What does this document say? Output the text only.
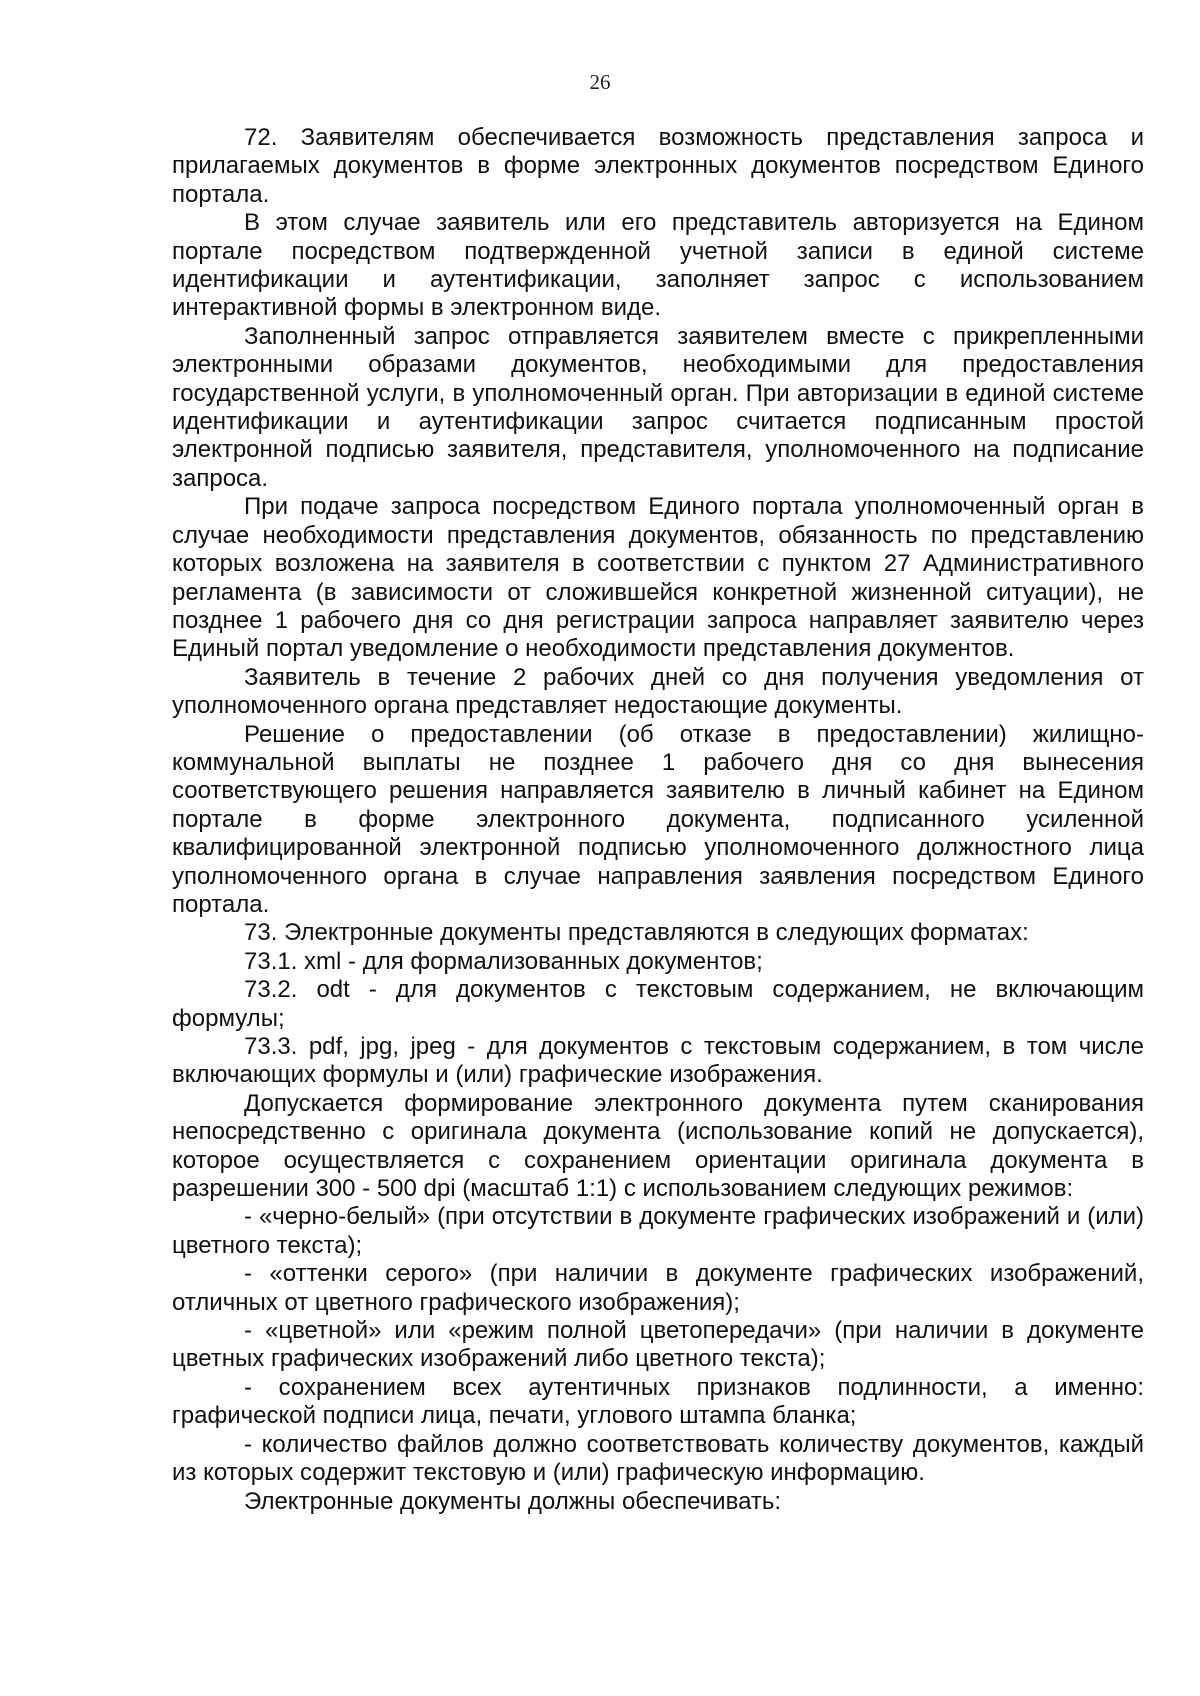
26

72. Заявителям обеспечивается возможность представления запроса и прилагаемых документов в форме электронных документов посредством Единого портала.

В этом случае заявитель или его представитель авторизуется на Едином портале посредством подтвержденной учетной записи в единой системе идентификации и аутентификации, заполняет запрос с использованием интерактивной формы в электронном виде.

Заполненный запрос отправляется заявителем вместе с прикрепленными электронными образами документов, необходимыми для предоставления государственной услуги, в уполномоченный орган. При авторизации в единой системе идентификации и аутентификации запрос считается подписанным простой электронной подписью заявителя, представителя, уполномоченного на подписание запроса.

При подаче запроса посредством Единого портала уполномоченный орган в случае необходимости представления документов, обязанность по представлению которых возложена на заявителя в соответствии с пунктом 27 Административного регламента (в зависимости от сложившейся конкретной жизненной ситуации), не позднее 1 рабочего дня со дня регистрации запроса направляет заявителю через Единый портал уведомление о необходимости представления документов.

Заявитель в течение 2 рабочих дней со дня получения уведомления от уполномоченного органа представляет недостающие документы.

Решение о предоставлении (об отказе в предоставлении) жилищно-коммунальной выплаты не позднее 1 рабочего дня со дня вынесения соответствующего решения направляется заявителю в личный кабинет на Едином портале в форме электронного документа, подписанного усиленной квалифицированной электронной подписью уполномоченного должностного лица уполномоченного органа в случае направления заявления посредством Единого портала.

73. Электронные документы представляются в следующих форматах:

73.1. xml - для формализованных документов;

73.2. odt - для документов с текстовым содержанием, не включающим формулы;

73.3. pdf, jpg, jpeg - для документов с текстовым содержанием, в том числе включающих формулы и (или) графические изображения.

Допускается формирование электронного документа путем сканирования непосредственно с оригинала документа (использование копий не допускается), которое осуществляется с сохранением ориентации оригинала документа в разрешении 300 - 500 dpi (масштаб 1:1) с использованием следующих режимов:

- «черно-белый» (при отсутствии в документе графических изображений и (или) цветного текста);

- «оттенки серого» (при наличии в документе графических изображений, отличных от цветного графического изображения);

- «цветной» или «режим полной цветопередачи» (при наличии в документе цветных графических изображений либо цветного текста);

- сохранением всех аутентичных признаков подлинности, а именно: графической подписи лица, печати, углового штампа бланка;

- количество файлов должно соответствовать количеству документов, каждый из которых содержит текстовую и (или) графическую информацию.

Электронные документы должны обеспечивать:
